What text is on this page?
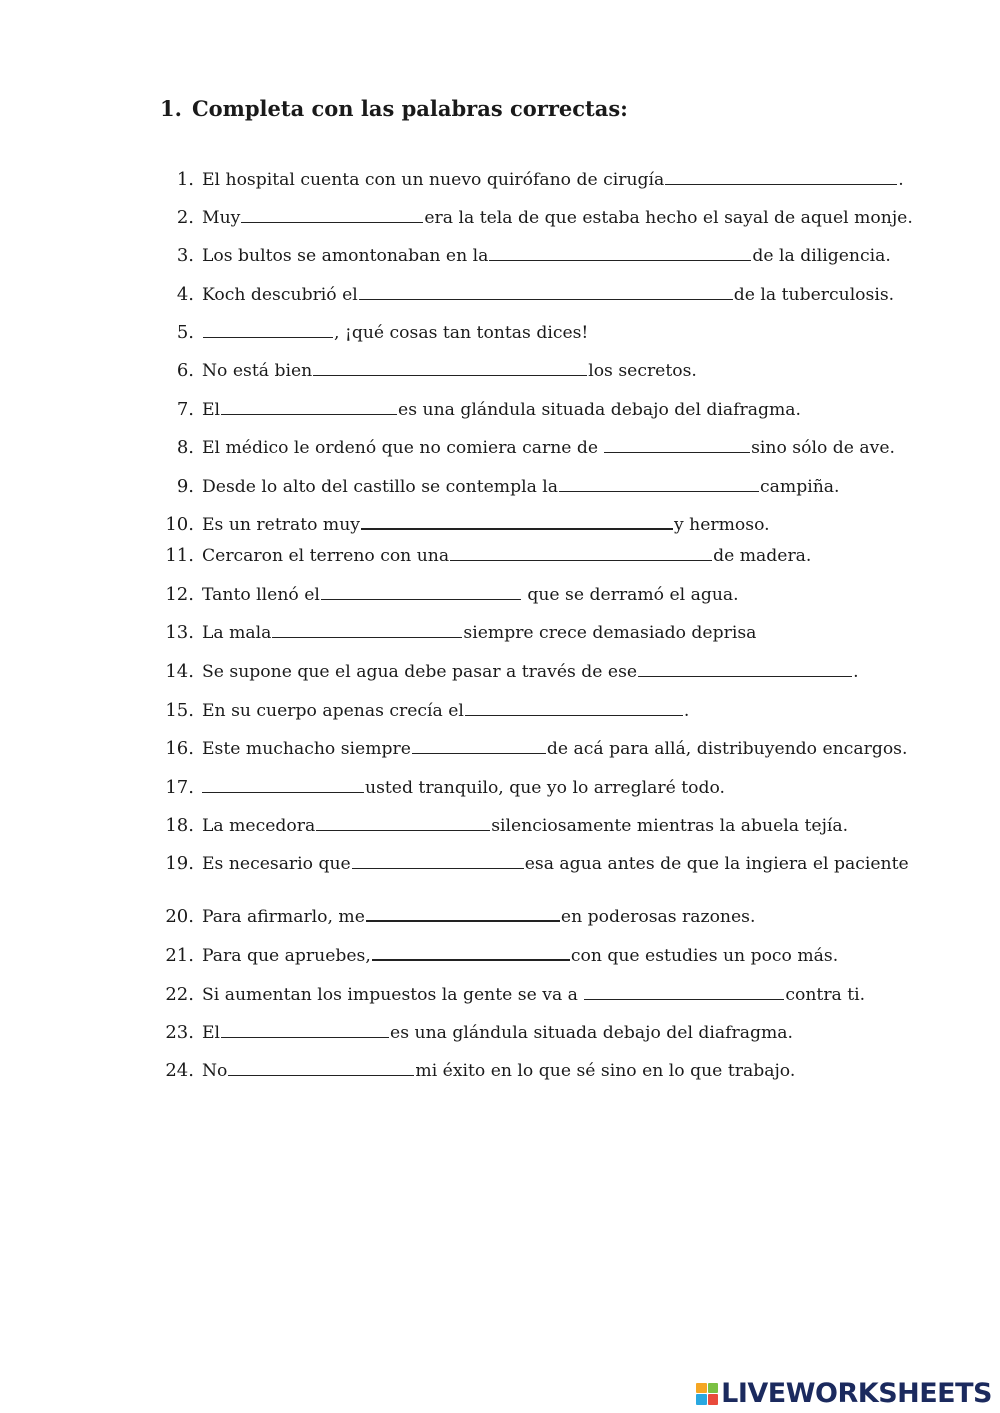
1. Completa con las palabras correctas:
1. El hospital cuenta con un nuevo quirófano de cirugía	.
2. Muy	era la tela de que estaba hecho el sayal de aquel monje.
3. Los bultos se amontonaban en la	de la diligencia.
4. Koch descubrió el	de la tuberculosis.
5.	, ¡qué cosas tan tontas dices!
6. No está bien	los secretos.
7. El	es una glándula situada debajo del diafragma.
8. El médico le ordenó que no comiera carne de	sino sólo de ave.
9. Desde lo alto del castillo se contempla la	campiña.
10. Es un retrato muy	y hermoso.
11. Cercaron el terreno con una	de madera.
12. Tanto llenó el	que se derramó el agua.
13. La mala	siempre crece demasiado deprisa
14. Se supone que el agua debe pasar a través de ese	.
15. En su cuerpo apenas crecía el	.
16. Este muchacho siempre	de acá para allá, distribuyendo encargos.
17.	usted tranquilo, que yo lo arreglaré todo.
18. La mecedora	silenciosamente mientras la abuela tejía.
19. Es necesario que	esa agua antes de que la ingiera el paciente
20. Para afirmarlo, me	en poderosas razones.
21. Para que apruebes,	con que estudies un poco más.
22. Si aumentan los impuestos la gente se va a	contra ti.
23. El	es una glándula situada debajo del diafragma.
24. No	mi éxito en lo que sé sino en lo que trabajo.
LIVEWORKSHEETS
